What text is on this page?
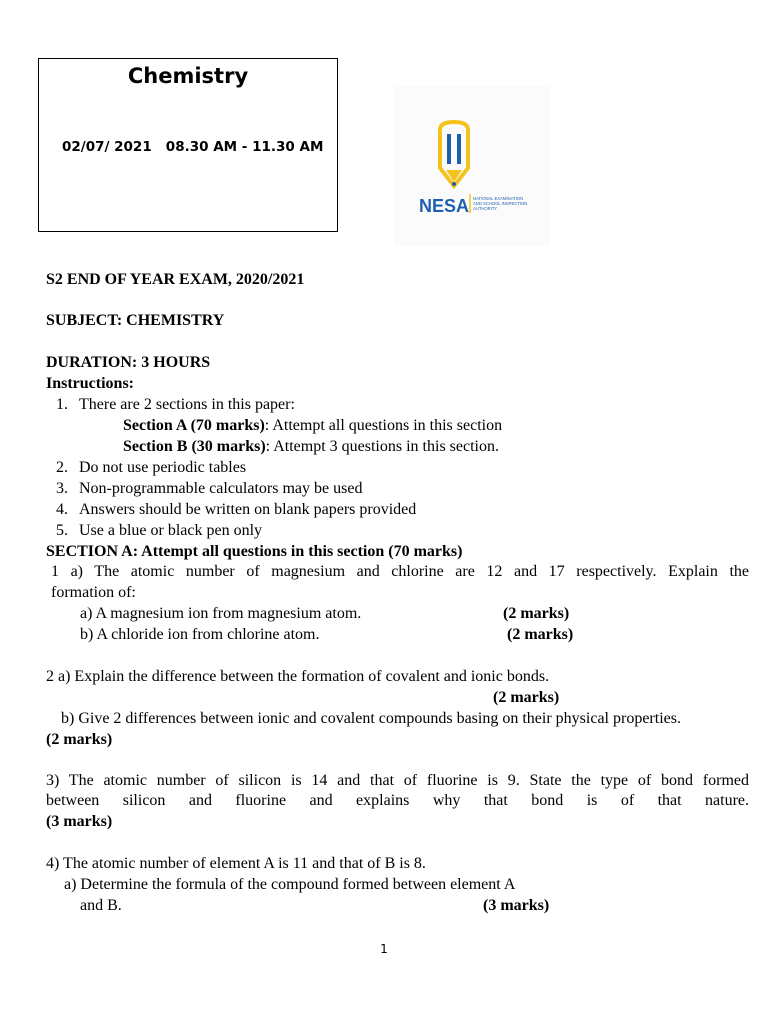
Chemistry
02/07/ 2021   08.30 AM - 11.30 AM
NESA NATIONAL EXAMINATION
AND SCHOOL INSPECTION
AUTHORITY
S2 END OF YEAR EXAM, 2020/2021
SUBJECT: CHEMISTRY
DURATION: 3 HOURS
Instructions:
1. There are 2 sections in this paper:
Section A (70 marks): Attempt all questions in this section
Section B (30 marks): Attempt 3 questions in this section.
2. Do not use periodic tables
3. Non-programmable calculators may be used
4. Answers should be written on blank papers provided
5. Use a blue or black pen only
SECTION A: Attempt all questions in this section (70 marks)
1 a) The atomic number of magnesium and chlorine are 12 and 17 respectively. Explain the
formation of:
a) A magnesium ion from magnesium atom.	(2 marks)
b) A chloride ion from chlorine atom.	(2 marks)
2 a) Explain the difference between the formation of covalent and ionic bonds.
(2 marks)
b) Give 2 differences between ionic and covalent compounds basing on their physical properties.
(2 marks)
3) The atomic number of silicon is 14 and that of fluorine is 9. State the type of bond formed
between silicon and fluorine and explains why that bond is of that nature.
(3 marks)
4) The atomic number of element A is 11 and that of B is 8.
a) Determine the formula of the compound formed between element A
and B.	(3 marks)
1
